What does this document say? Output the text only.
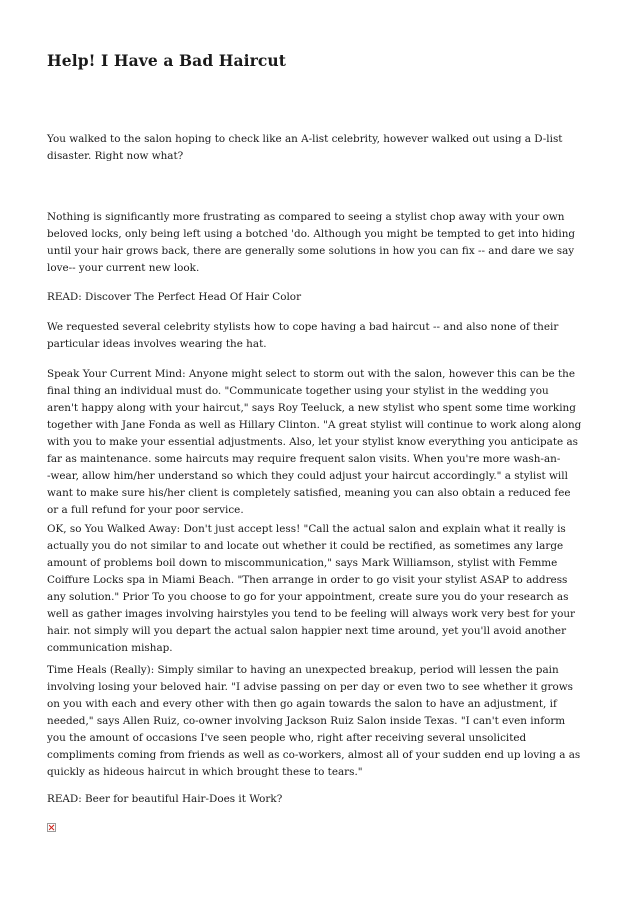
Help! I Have a Bad Haircut
You walked to the salon hoping to check like an A-list celebrity, however walked out using a D-list
disaster. Right now what?
Nothing is significantly more frustrating as compared to seeing a stylist chop away with your own
beloved locks, only being left using a botched 'do. Although you might be tempted to get into hiding
until your hair grows back, there are generally some solutions in how you can fix -- and dare we say
love-- your current new look.
READ: Discover The Perfect Head Of Hair Color
We requested several celebrity stylists how to cope having a bad haircut -- and also none of their
particular ideas involves wearing the hat.
Speak Your Current Mind: Anyone might select to storm out with the salon, however this can be the
final thing an individual must do. "Communicate together using your stylist in the wedding you
aren't happy along with your haircut," says Roy Teeluck, a new stylist who spent some time working
together with Jane Fonda as well as Hillary Clinton. "A great stylist will continue to work along along
with you to make your essential adjustments. Also, let your stylist know everything you anticipate as
far as maintenance. some haircuts may require frequent salon visits. When you're more wash-an-
-wear, allow him/her understand so which they could adjust your haircut accordingly." a stylist will
want to make sure his/her client is completely satisfied, meaning you can also obtain a reduced fee
or a full refund for your poor service.
OK, so You Walked Away: Don't just accept less! "Call the actual salon and explain what it really is
actually you do not similar to and locate out whether it could be rectified, as sometimes any large
amount of problems boil down to miscommunication," says Mark Williamson, stylist with Femme
Coiffure Locks spa in Miami Beach. "Then arrange in order to go visit your stylist ASAP to address
any solution." Prior To you choose to go for your appointment, create sure you do your research as
well as gather images involving hairstyles you tend to be feeling will always work very best for your
hair. not simply will you depart the actual salon happier next time around, yet you'll avoid another
communication mishap.
Time Heals (Really): Simply similar to having an unexpected breakup, period will lessen the pain
involving losing your beloved hair. "I advise passing on per day or even two to see whether it grows
on you with each and every other with then go again towards the salon to have an adjustment, if
needed," says Allen Ruiz, co-owner involving Jackson Ruiz Salon inside Texas. "I can't even inform
you the amount of occasions I've seen people who, right after receiving several unsolicited
compliments coming from friends as well as co-workers, almost all of your sudden end up loving a as
quickly as hideous haircut in which brought these to tears."
READ: Beer for beautiful Hair-Does it Work?
